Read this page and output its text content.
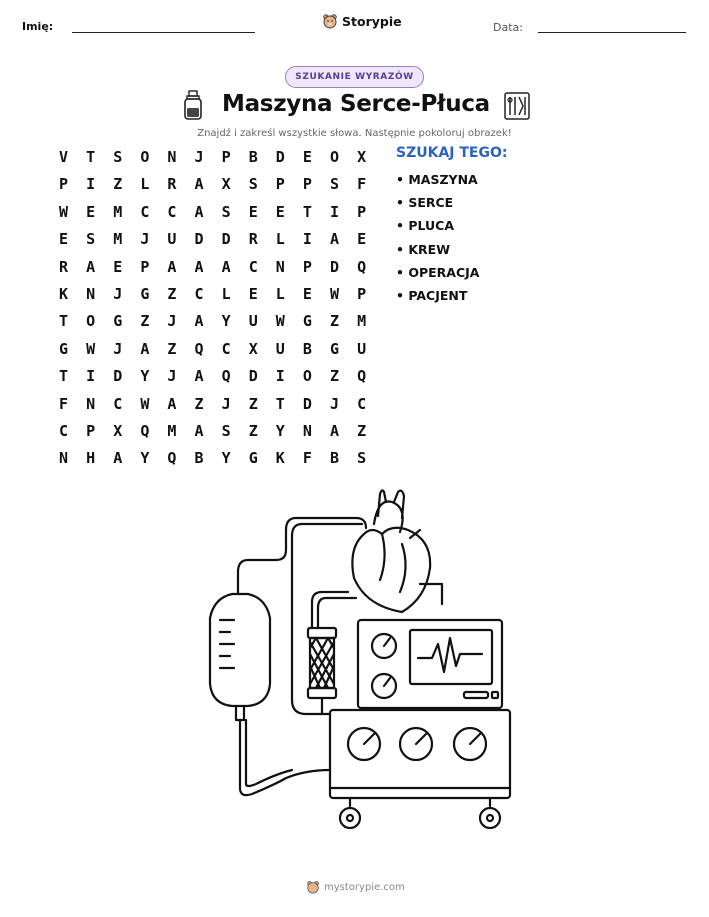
Imię:	Storypie	Data:
SZUKANIE WYRAZÓW
Maszyna Serce-Płuca
Znajdź i zakreśl wszystkie słowa. Następnie pokoloruj obrazek!
V	T	S	O	N	J	P	B	D	E	O	X
P	I	Z	L	R	A	X	S	P	P	S	F
W	E	M	C	C	A	S	E	E	T	I	P
E	S	M	J	U	D	D	R	L	I	A	E
R	A	E	P	A	A	A	C	N	P	D	Q
K	N	J	G	Z	C	L	E	L	E	W	P
T	O	G	Z	J	A	Y	U	W	G	Z	M
G	W	J	A	Z	Q	C	X	U	B	G	U
T	I	D	Y	J	A	Q	D	I	O	Z	Q
F	N	C	W	A	Z	J	Z	T	D	J	C
C	P	X	Q	M	A	S	Z	Y	N	A	Z
N	H	A	Y	Q	B	Y	G	K	F	B	S
SZUKAJ TEGO:
• MASZYNA
• SERCE
• PLUCA
• KREW
• OPERACJA
• PACJENT
mystorypie.com
